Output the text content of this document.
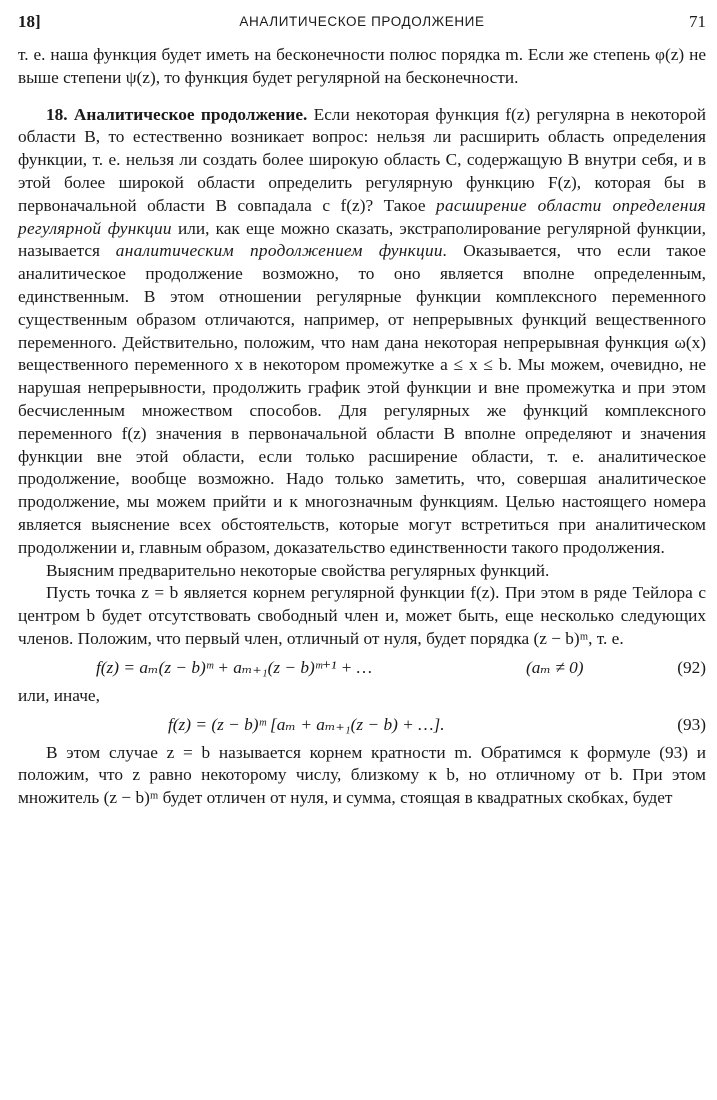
18]	АНАЛИТИЧЕСКОЕ ПРОДОЛЖЕНИЕ	71

т. е. наша функция будет иметь на бесконечности полюс порядка m. Если же степень φ(z) не выше степени ψ(z), то функция будет регулярной на бесконечности.

18. Аналитическое продолжение. Если некоторая функция f(z) регулярна в некоторой области B, то естественно возникает вопрос: нельзя ли расширить область определения функции, т. е. нельзя ли создать более широкую область C, содержащую B внутри себя, и в этой более широкой области определить регулярную функцию F(z), которая бы в первоначальной области B совпадала с f(z)? Такое расширение области определения регулярной функции или, как еще можно сказать, экстраполирование регулярной функции, называется аналитическим продолжением функции. Оказывается, что если такое аналитическое продолжение возможно, то оно является вполне определенным, единственным. В этом отношении регулярные функции комплексного переменного существенным образом отличаются, например, от непрерывных функций вещественного переменного. Действительно, положим, что нам дана некоторая непрерывная функция ω(x) вещественного переменного x в некотором промежутке a ≤ x ≤ b. Мы можем, очевидно, не нарушая непрерывности, продолжить график этой функции и вне промежутка и при этом бесчисленным множеством способов. Для регулярных же функций комплексного переменного f(z) значения в первоначальной области B вполне определяют и значения функции вне этой области, если только расширение области, т. е. аналитическое продолжение, вообще возможно. Надо только заметить, что, совершая аналитическое продолжение, мы можем прийти и к многозначным функциям. Целью настоящего номера является выяснение всех обстоятельств, которые могут встретиться при аналитическом продолжении и, главным образом, доказательство единственности такого продолжения.

Выясним предварительно некоторые свойства регулярных функций.

Пусть точка z = b является корнем регулярной функции f(z). При этом в ряде Тейлора с центром b будет отсутствовать свободный член и, может быть, еще несколько следующих членов. Положим, что первый член, отличный от нуля, будет порядка (z − b)ᵐ, т. е.

f(z) = aₘ(z − b)ᵐ + aₘ₊₁(z − b)ᵐ⁺¹ + …	(aₘ ≠ 0)	(92)

или, иначе,

f(z) = (z − b)ᵐ [aₘ + aₘ₊₁(z − b) + …].	(93)

В этом случае z = b называется корнем кратности m. Обратимся к формуле (93) и положим, что z равно некоторому числу, близкому к b, но отличному от b. При этом множитель (z − b)ᵐ будет отличен от нуля, и сумма, стоящая в квадратных скобках, будет
